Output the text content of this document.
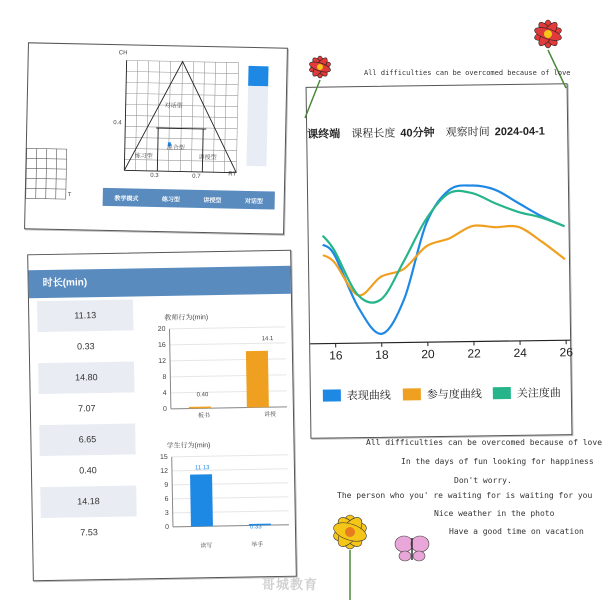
CH
RT
0.4
0.3	0.7
对话型
混合型
练习型	讲授型
T
教学模式	练习型	讲授型	对话型
课终端 课程长度 40分钟 观察时间 2024-04-1
16	18	20	22	24	26
表现曲线	参与度曲线	关注度曲
时长(min)
11.13
0.33
14.80
7.07
6.65
0.40
14.18
7.53
教师行为(min)
0
4
8
12
16
20
0.40
14.1
板书	讲授
学生行为(min)
0
3
6
9
12
15
11.13
0.33
读写	举手
All difficulties can be overcomed because of love
All difficulties can be overcomed because of love
In the days of fun looking for happiness
Don't worry.
The person who you' re waiting for is waiting for you
Nice weather in the photo
Have a good time on vacation
哥城教育
